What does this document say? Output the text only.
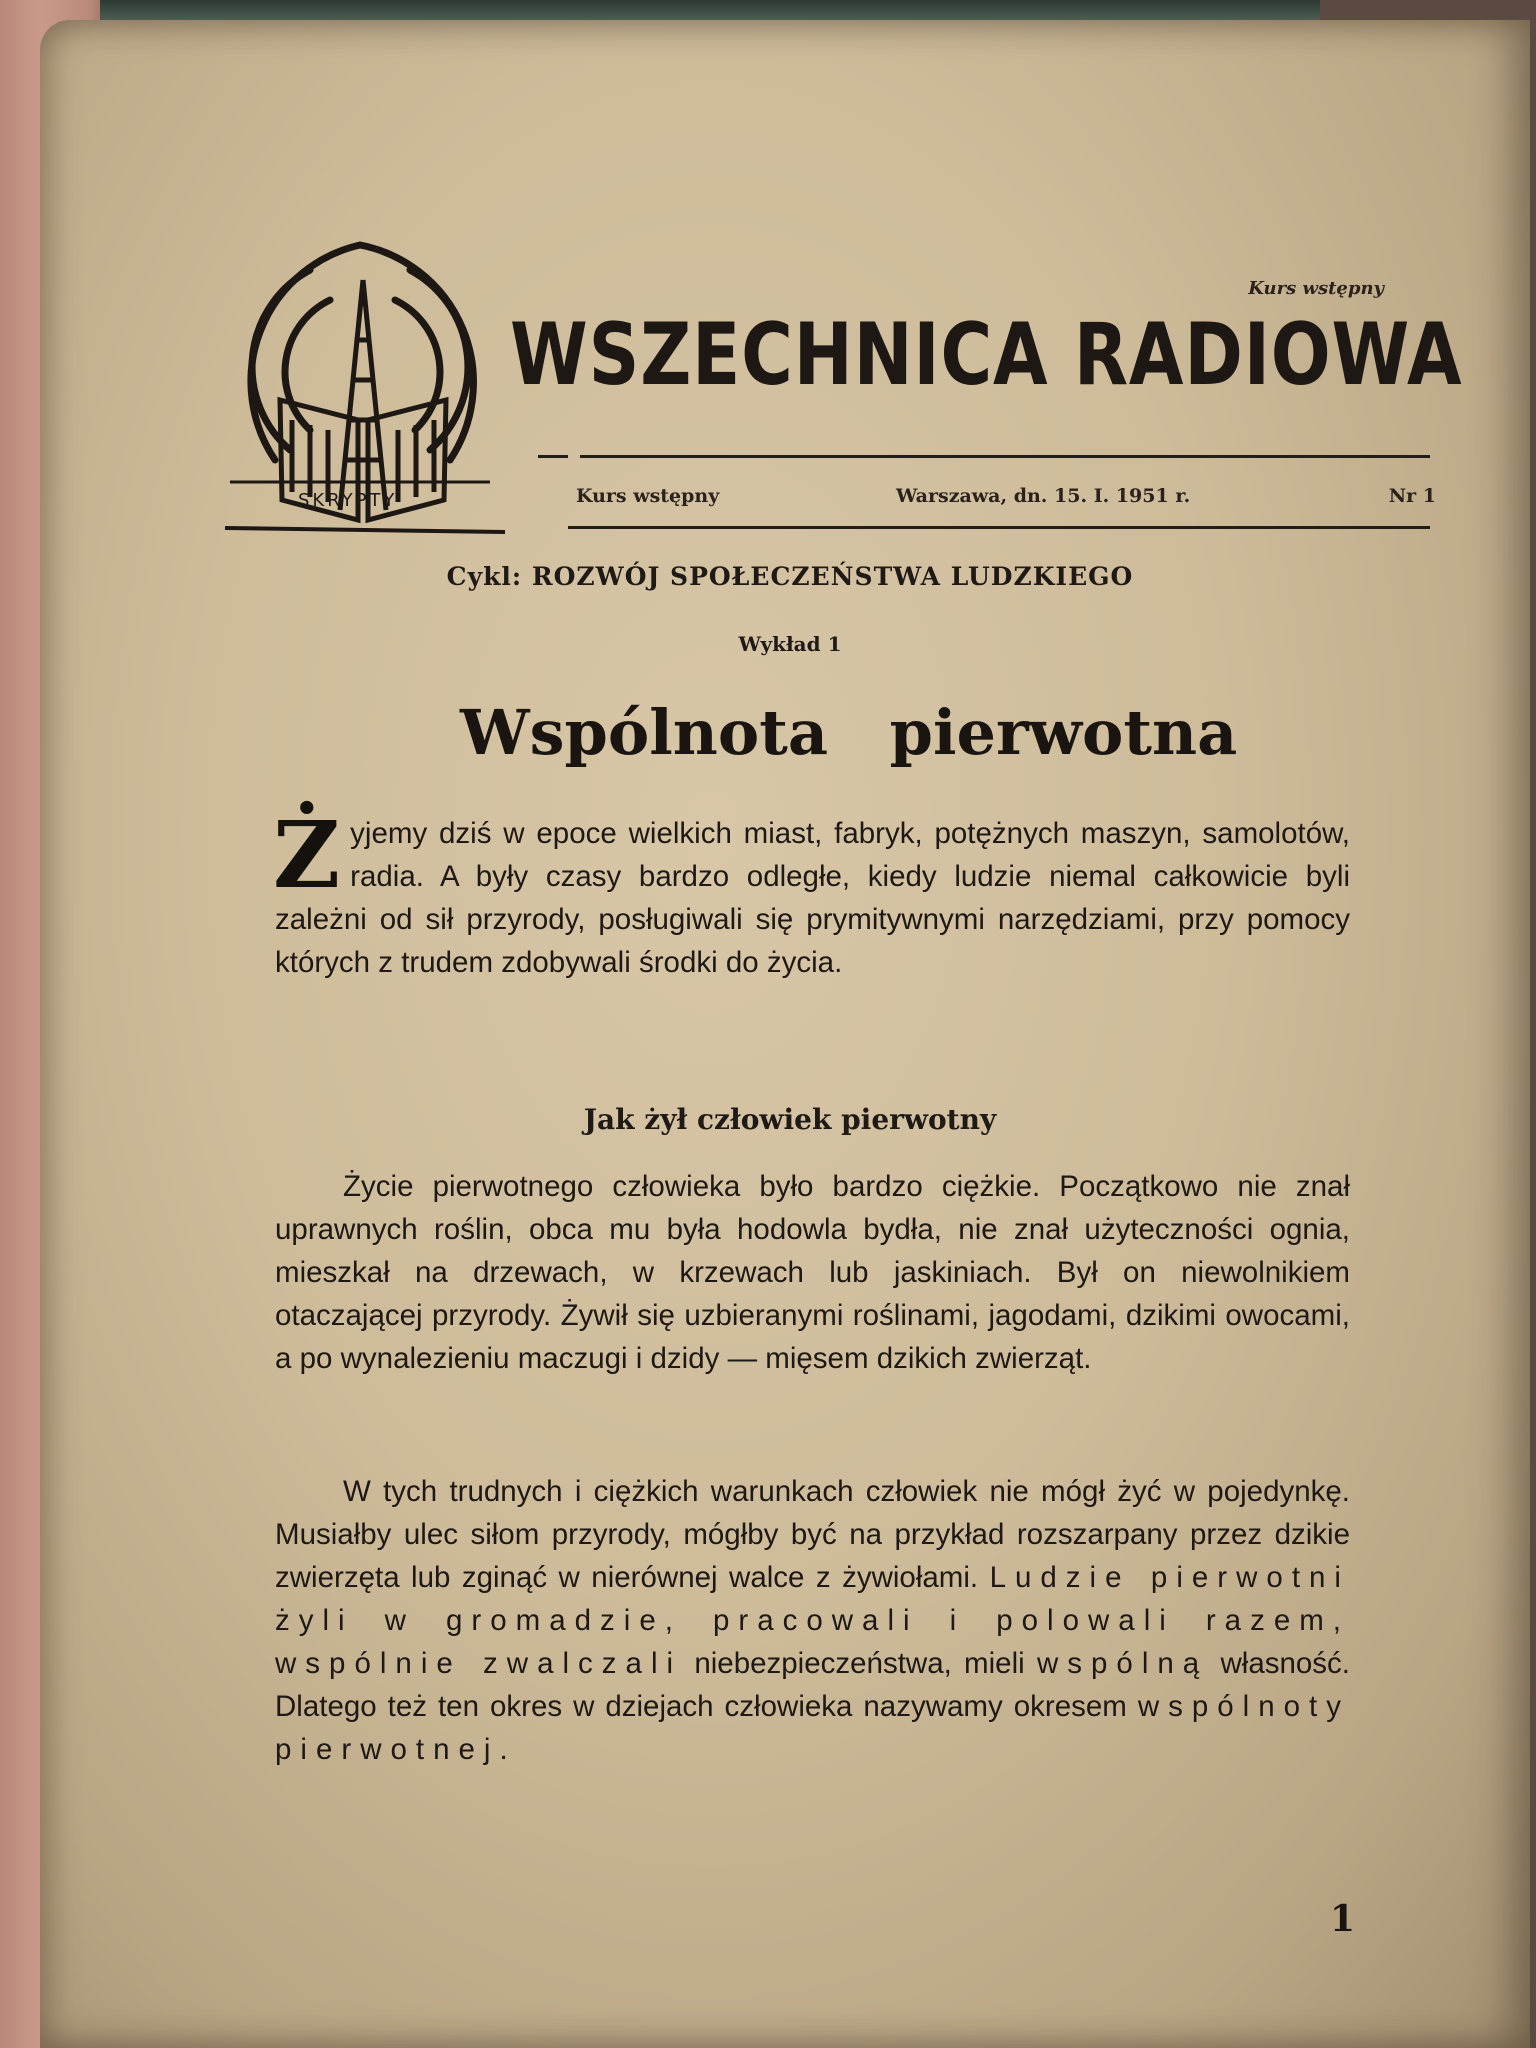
SKRYPTY
Kurs wstępny
WSZECHNICA RADIOWA
Kurs wstępny	Warszawa, dn. 15. I. 1951 r.	Nr 1
Cykl: ROZWÓJ SPOŁECZEŃSTWA LUDZKIEGO
Wykład 1
Wspólnota pierwotna
Ż yjemy dziś w epoce wielkich miast, fabryk, potężnych maszyn, samolotów, radia. A były czasy bardzo odległe, kiedy ludzie niemal całkowicie byli zależni od sił przyrody, posługiwali się prymitywnymi narzędziami, przy pomocy których z trudem zdobywali środki do życia.
Jak żył człowiek pierwotny
Życie pierwotnego człowieka było bardzo ciężkie. Początkowo nie znał uprawnych roślin, obca mu była hodowla bydła, nie znał użyteczności ognia, mieszkał na drzewach, w krzewach lub jaskiniach. Był on niewolnikiem otaczającej przyrody. Żywił się uzbieranymi roślinami, jagodami, dzikimi owocami, a po wynalezieniu maczugi i dzidy — mięsem dzikich zwierząt.
W tych trudnych i ciężkich warunkach człowiek nie mógł żyć w pojedynkę. Musiałby ulec siłom przyrody, mógłby być na przykład rozszarpany przez dzikie zwierzęta lub zginąć w nierównej walce z żywiołami. Ludzie pierwotni żyli w gromadzie, pracowali i polowali razem, wspólnie zwalczali niebezpieczeństwa, mieli wspólną własność. Dlatego też ten okres w dziejach człowieka nazywamy okresem wspólnoty pierwotnej.
1
